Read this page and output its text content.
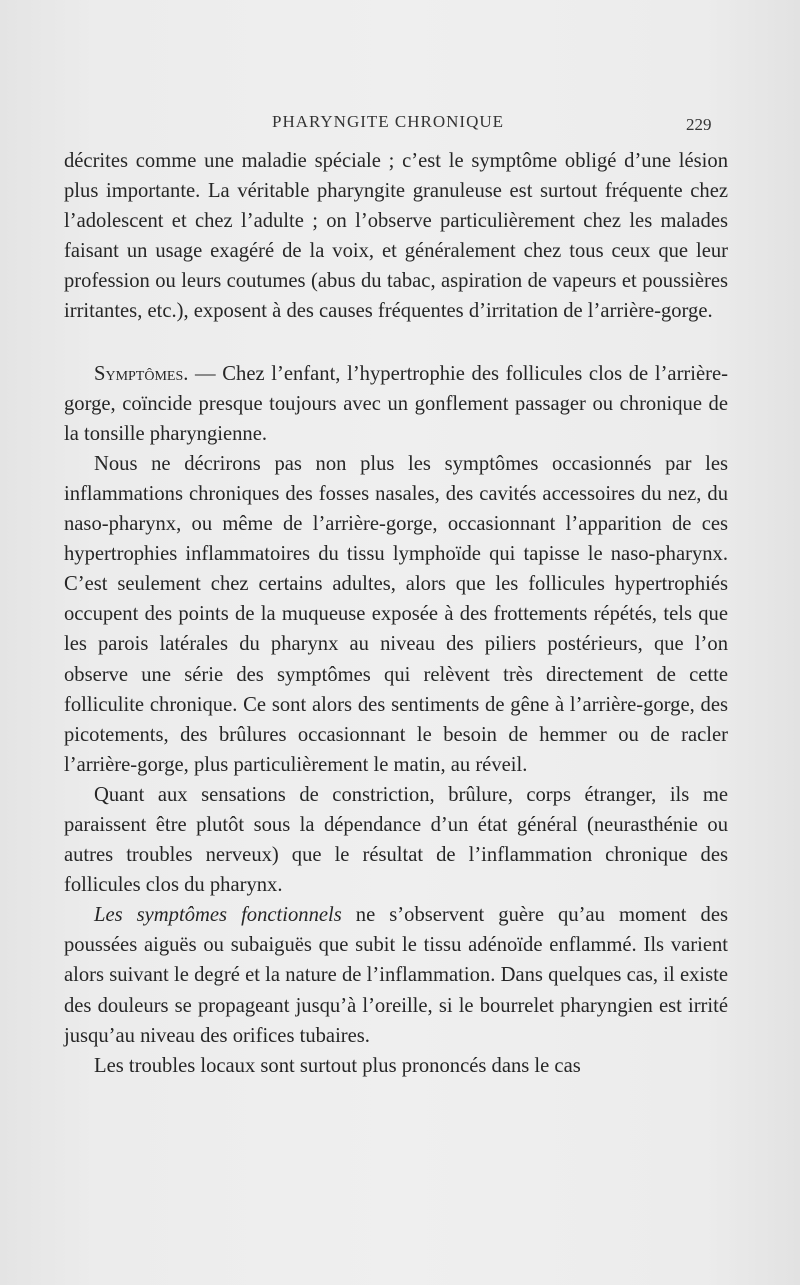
PHARYNGITE CHRONIQUE	229

décrites comme une maladie spéciale ; c’est le symptôme obligé d’une lésion plus importante. La véritable pharyngite granuleuse est surtout fréquente chez l’adolescent et chez l’adulte ; on l’observe particulièrement chez les malades faisant un usage exagéré de la voix, et généralement chez tous ceux que leur profession ou leurs coutumes (abus du tabac, aspiration de vapeurs et poussières irritantes, etc.), exposent à des causes fréquentes d’irritation de l’arrière-gorge.

Symptômes. — Chez l’enfant, l’hypertrophie des follicules clos de l’arrière-gorge, coïncide presque toujours avec un gonflement passager ou chronique de la tonsille pharyngienne.

Nous ne décrirons pas non plus les symptômes occasionnés par les inflammations chroniques des fosses nasales, des cavités accessoires du nez, du naso-pharynx, ou même de l’arrière-gorge, occasionnant l’apparition de ces hypertrophies inflammatoires du tissu lymphoïde qui tapisse le naso-pharynx. C’est seulement chez certains adultes, alors que les follicules hypertrophiés occupent des points de la muqueuse exposée à des frottements répétés, tels que les parois latérales du pharynx au niveau des piliers postérieurs, que l’on observe une série des symptômes qui relèvent très directement de cette folliculite chronique. Ce sont alors des sentiments de gêne à l’arrière-gorge, des picotements, des brûlures occasionnant le besoin de hemmer ou de racler l’arrière-gorge, plus particulièrement le matin, au réveil.

Quant aux sensations de constriction, brûlure, corps étranger, ils me paraissent être plutôt sous la dépendance d’un état général (neurasthénie ou autres troubles nerveux) que le résultat de l’inflammation chronique des follicules clos du pharynx.

Les symptômes fonctionnels ne s’observent guère qu’au moment des poussées aiguës ou subaiguës que subit le tissu adénoïde enflammé. Ils varient alors suivant le degré et la nature de l’inflammation. Dans quelques cas, il existe des douleurs se propageant jusqu’à l’oreille, si le bourrelet pharyngien est irrité jusqu’au niveau des orifices tubaires.

Les troubles locaux sont surtout plus prononcés dans le cas
